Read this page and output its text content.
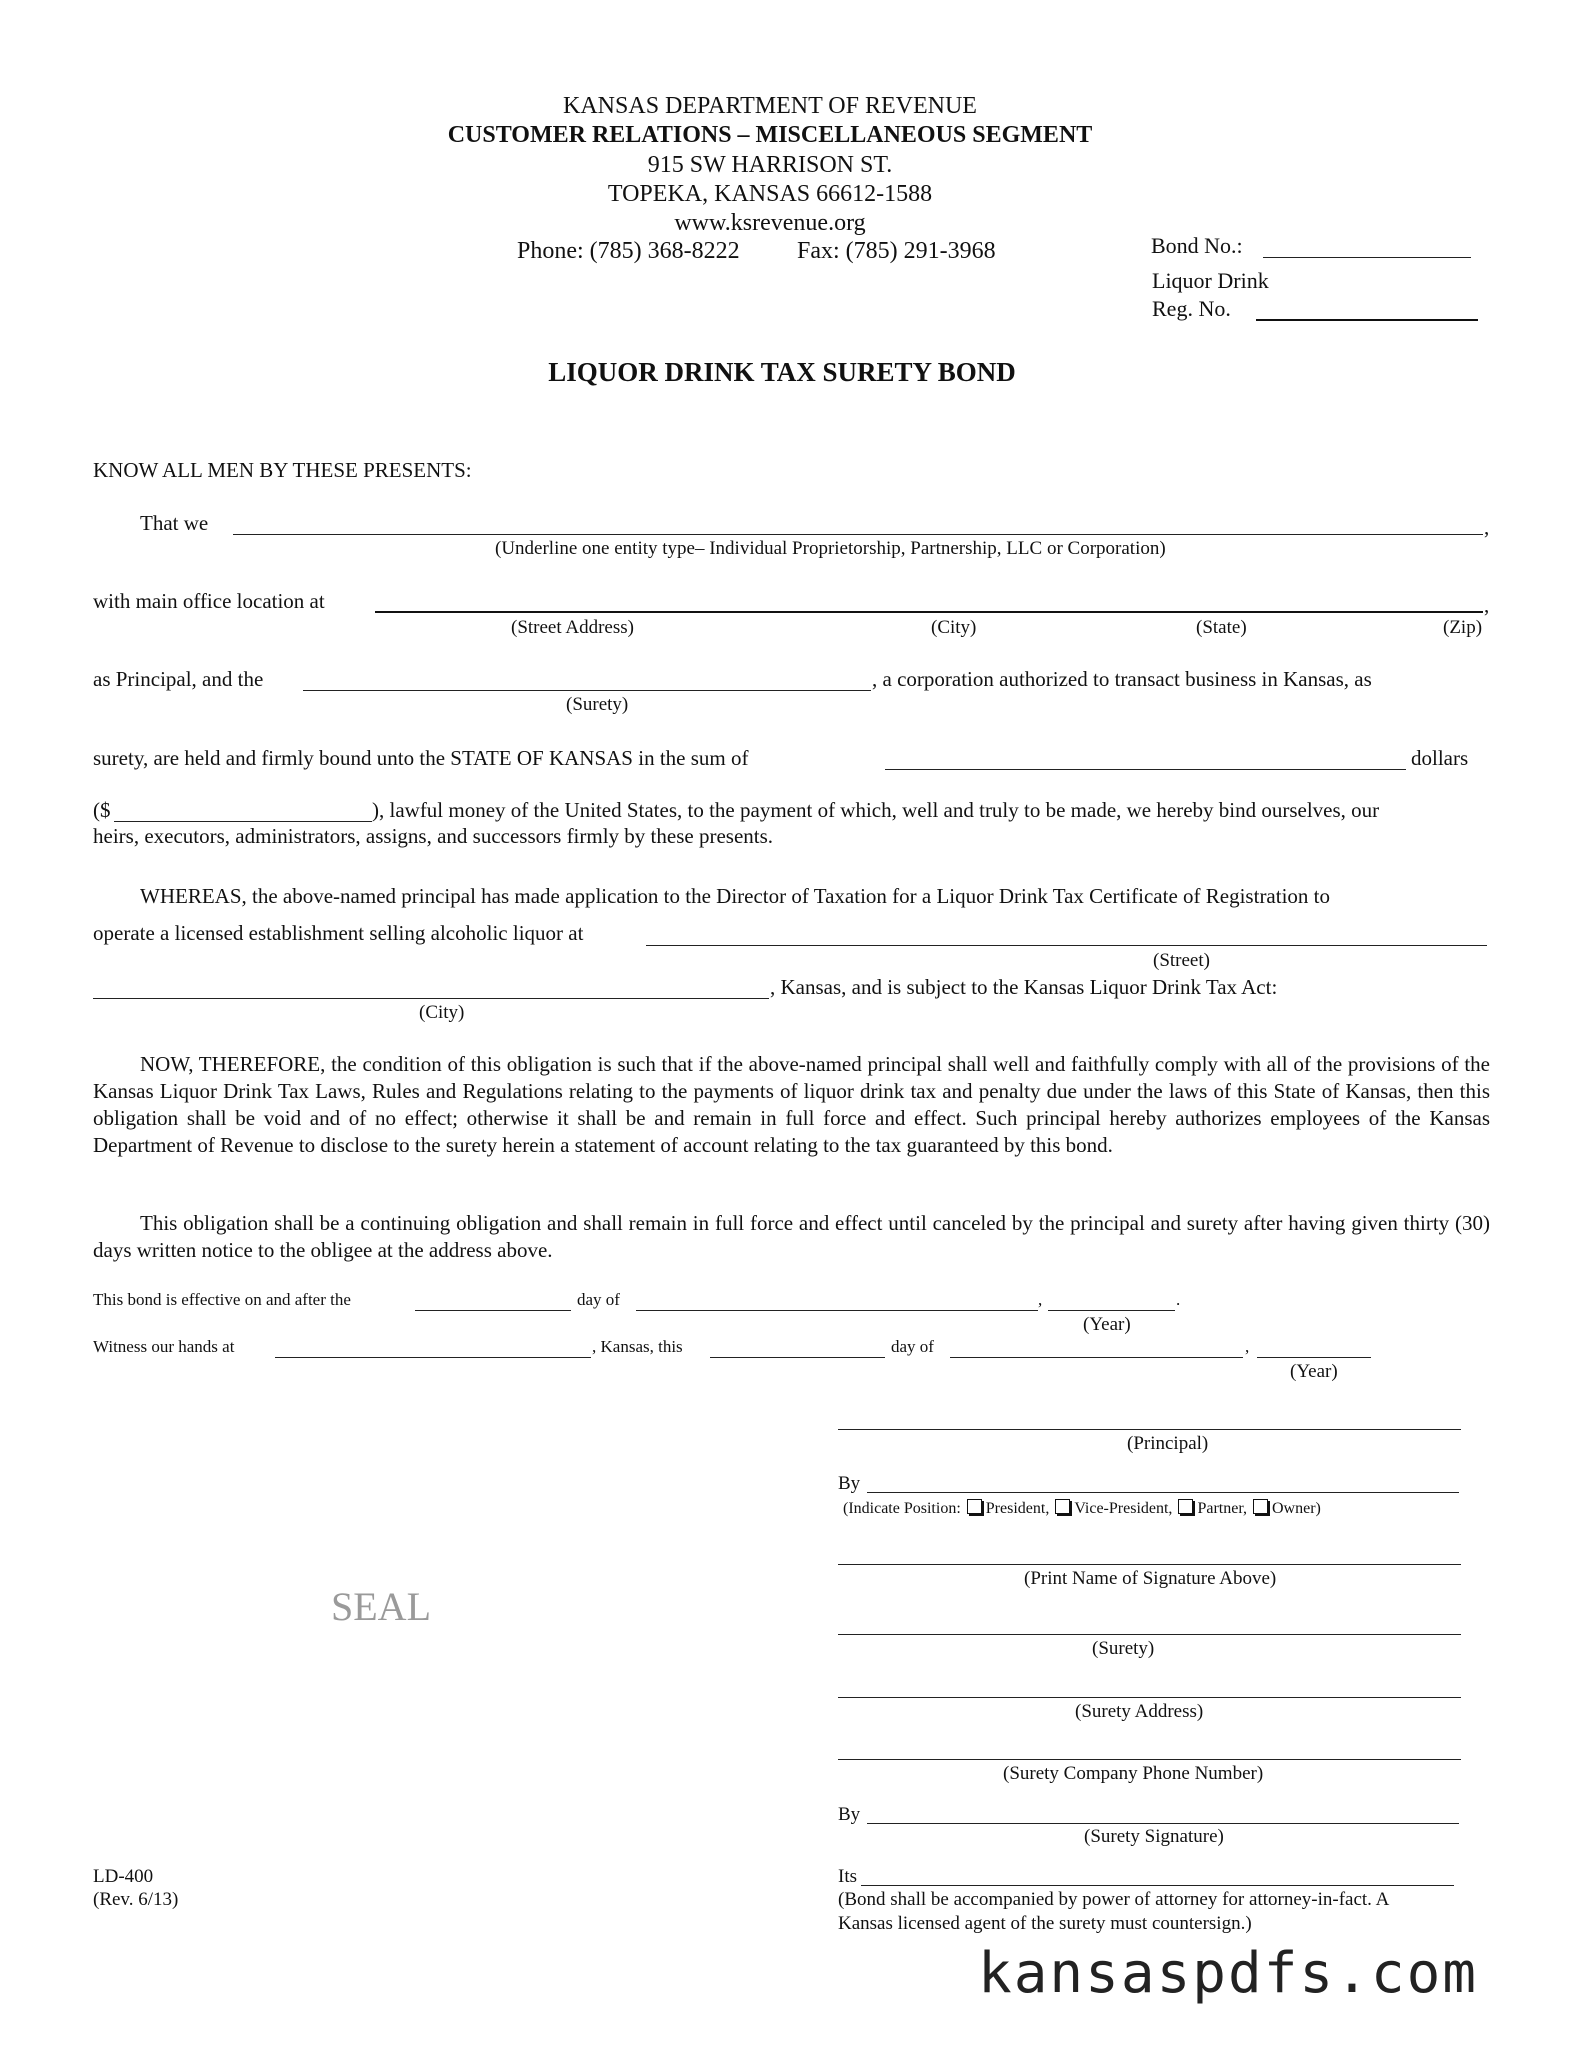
KANSAS DEPARTMENT OF REVENUE
CUSTOMER RELATIONS – MISCELLANEOUS SEGMENT
915 SW HARRISON ST.
TOPEKA, KANSAS 66612-1588
www.ksrevenue.org
Phone: (785) 368-8222 Fax: (785) 291-3968	Bond No.:
Liquor Drink
Reg. No.
LIQUOR DRINK TAX SURETY BOND
KNOW ALL MEN BY THESE PRESENTS:
That we	,
(Underline one entity type– Individual Proprietorship, Partnership, LLC or Corporation)
with main office location at	,
(Street Address)	(City)	(State)	(Zip)
as Principal, and the	, a corporation authorized to transact business in Kansas, as
(Surety)
surety, are held and firmly bound unto the STATE OF KANSAS in the sum of	dollars
($	), lawful money of the United States, to the payment of which, well and truly to be made, we hereby bind ourselves, our
heirs, executors, administrators, assigns, and successors firmly by these presents.
WHEREAS, the above-named principal has made application to the Director of Taxation for a Liquor Drink Tax Certificate of Registration to
operate a licensed establishment selling alcoholic liquor at
(Street)
, Kansas, and is subject to the Kansas Liquor Drink Tax Act:
(City)
NOW, THEREFORE, the condition of this obligation is such that if the above-named principal shall well and faithfully comply with all of the provisions of the Kansas Liquor Drink Tax Laws, Rules and Regulations relating to the payments of liquor drink tax and penalty due under the laws of this State of Kansas, then this obligation shall be void and of no effect; otherwise it shall be and remain in full force and effect. Such principal hereby authorizes employees of the Kansas Department of Revenue to disclose to the surety herein a statement of account relating to the tax guaranteed by this bond.
This obligation shall be a continuing obligation and shall remain in full force and effect until canceled by the principal and surety after having given thirty (30) days written notice to the obligee at the address above.
This bond is effective on and after the	day of	,	.
(Year)
Witness our hands at	, Kansas, this	day of	,
(Year)
(Principal)
By
(Indicate Position: President, Vice-President, Partner, Owner)
(Print Name of Signature Above)
(Surety)
(Surety Address)
(Surety Company Phone Number)
By
(Surety Signature)
Its
(Bond shall be accompanied by power of attorney for attorney-in-fact. A
Kansas licensed agent of the surety must countersign.)
SEAL
LD-400
(Rev. 6/13)
kansaspdfs.com
